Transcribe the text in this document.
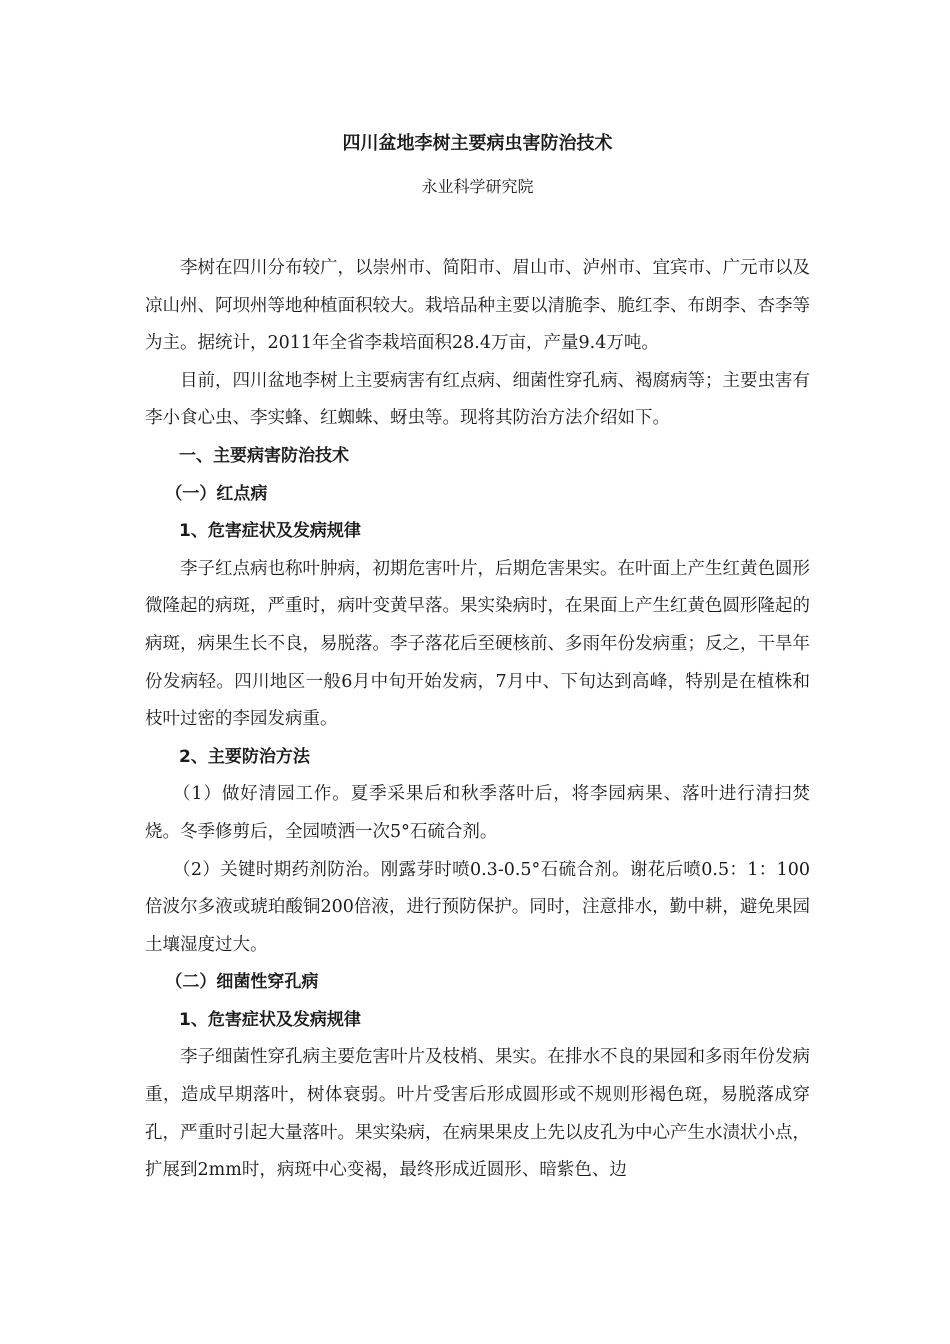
四川盆地李树主要病虫害防治技术
永业科学研究院

李树在四川分布较广，以崇州市、简阳市、眉山市、泸州市、宜宾市、广元市以及凉山州、阿坝州等地种植面积较大。栽培品种主要以清脆李、脆红李、布朗李、杏李等为主。据统计，2011年全省李栽培面积28.4万亩，产量9.4万吨。

目前，四川盆地李树上主要病害有红点病、细菌性穿孔病、褐腐病等；主要虫害有李小食心虫、李实蜂、红蜘蛛、蚜虫等。现将其防治方法介绍如下。

一、主要病害防治技术

（一）红点病

1、危害症状及发病规律

李子红点病也称叶肿病，初期危害叶片，后期危害果实。在叶面上产生红黄色圆形微隆起的病斑，严重时，病叶变黄早落。果实染病时，在果面上产生红黄色圆形隆起的病斑，病果生长不良，易脱落。李子落花后至硬核前、多雨年份发病重；反之，干旱年份发病轻。四川地区一般6月中旬开始发病，7月中、下旬达到高峰，特别是在植株和枝叶过密的李园发病重。

2、主要防治方法

（1）做好清园工作。夏季采果后和秋季落叶后，将李园病果、落叶进行清扫焚烧。冬季修剪后，全园喷洒一次5°石硫合剂。

（2）关键时期药剂防治。刚露芽时喷0.3-0.5°石硫合剂。谢花后喷0.5：1：100倍波尔多液或琥珀酸铜200倍液，进行预防保护。同时，注意排水，勤中耕，避免果园土壤湿度过大。

（二）细菌性穿孔病

1、危害症状及发病规律

李子细菌性穿孔病主要危害叶片及枝梢、果实。在排水不良的果园和多雨年份发病重，造成早期落叶，树体衰弱。叶片受害后形成圆形或不规则形褐色斑，易脱落成穿孔，严重时引起大量落叶。果实染病，在病果果皮上先以皮孔为中心产生水渍状小点，扩展到2mm时，病斑中心变褐，最终形成近圆形、暗紫色、边
